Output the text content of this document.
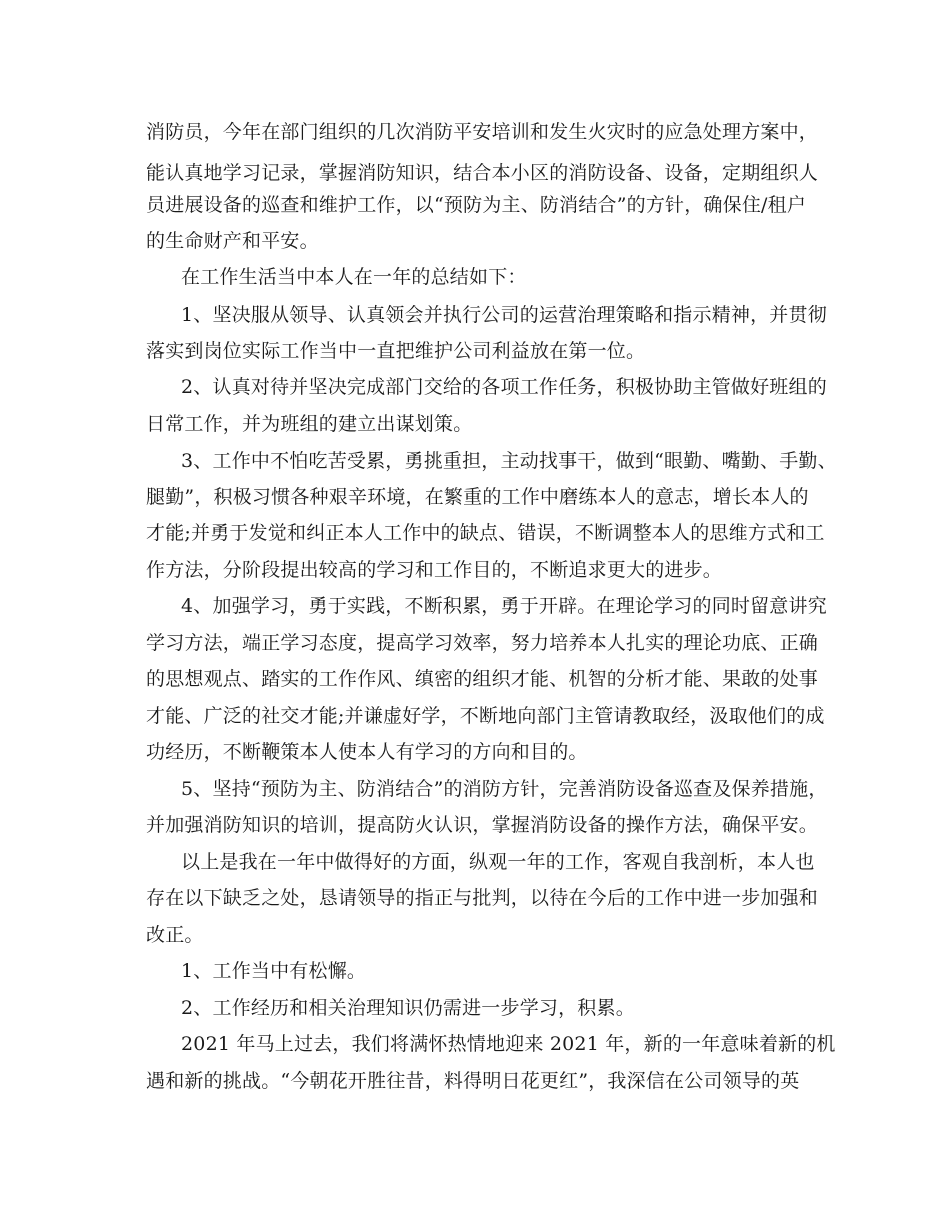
消防员，今年在部门组织的几次消防平安培训和发生火灾时的应急处理方案中，
能认真地学习记录，掌握消防知识，结合本小区的消防设备、设备，定期组织人
员进展设备的巡查和维护工作，以“预防为主、防消结合”的方针，确保住/租户
的生命财产和平安。
在工作生活当中本人在一年的总结如下：
1、坚决服从领导、认真领会并执行公司的运营治理策略和指示精神，并贯彻
落实到岗位实际工作当中一直把维护公司利益放在第一位。
2、认真对待并坚决完成部门交给的各项工作任务，积极协助主管做好班组的
日常工作，并为班组的建立出谋划策。
3、工作中不怕吃苦受累，勇挑重担，主动找事干，做到“眼勤、嘴勤、手勤、
腿勤”，积极习惯各种艰辛环境，在繁重的工作中磨练本人的意志，增长本人的
才能;并勇于发觉和纠正本人工作中的缺点、错误，不断调整本人的思维方式和工
作方法，分阶段提出较高的学习和工作目的，不断追求更大的进步。
4、加强学习，勇于实践，不断积累，勇于开辟。在理论学习的同时留意讲究
学习方法，端正学习态度，提高学习效率，努力培养本人扎实的理论功底、正确
的思想观点、踏实的工作作风、缜密的组织才能、机智的分析才能、果敢的处事
才能、广泛的社交才能;并谦虚好学，不断地向部门主管请教取经，汲取他们的成
功经历，不断鞭策本人使本人有学习的方向和目的。
5、坚持“预防为主、防消结合”的消防方针，完善消防设备巡查及保养措施，
并加强消防知识的培训，提高防火认识，掌握消防设备的操作方法，确保平安。
以上是我在一年中做得好的方面，纵观一年的工作，客观自我剖析，本人也
存在以下缺乏之处，恳请领导的指正与批判，以待在今后的工作中进一步加强和
改正。
1、工作当中有松懈。
2、工作经历和相关治理知识仍需进一步学习，积累。
2021 年马上过去，我们将满怀热情地迎来 2021 年，新的一年意味着新的机
遇和新的挑战。“今朝花开胜往昔，料得明日花更红”，我深信在公司领导的英
